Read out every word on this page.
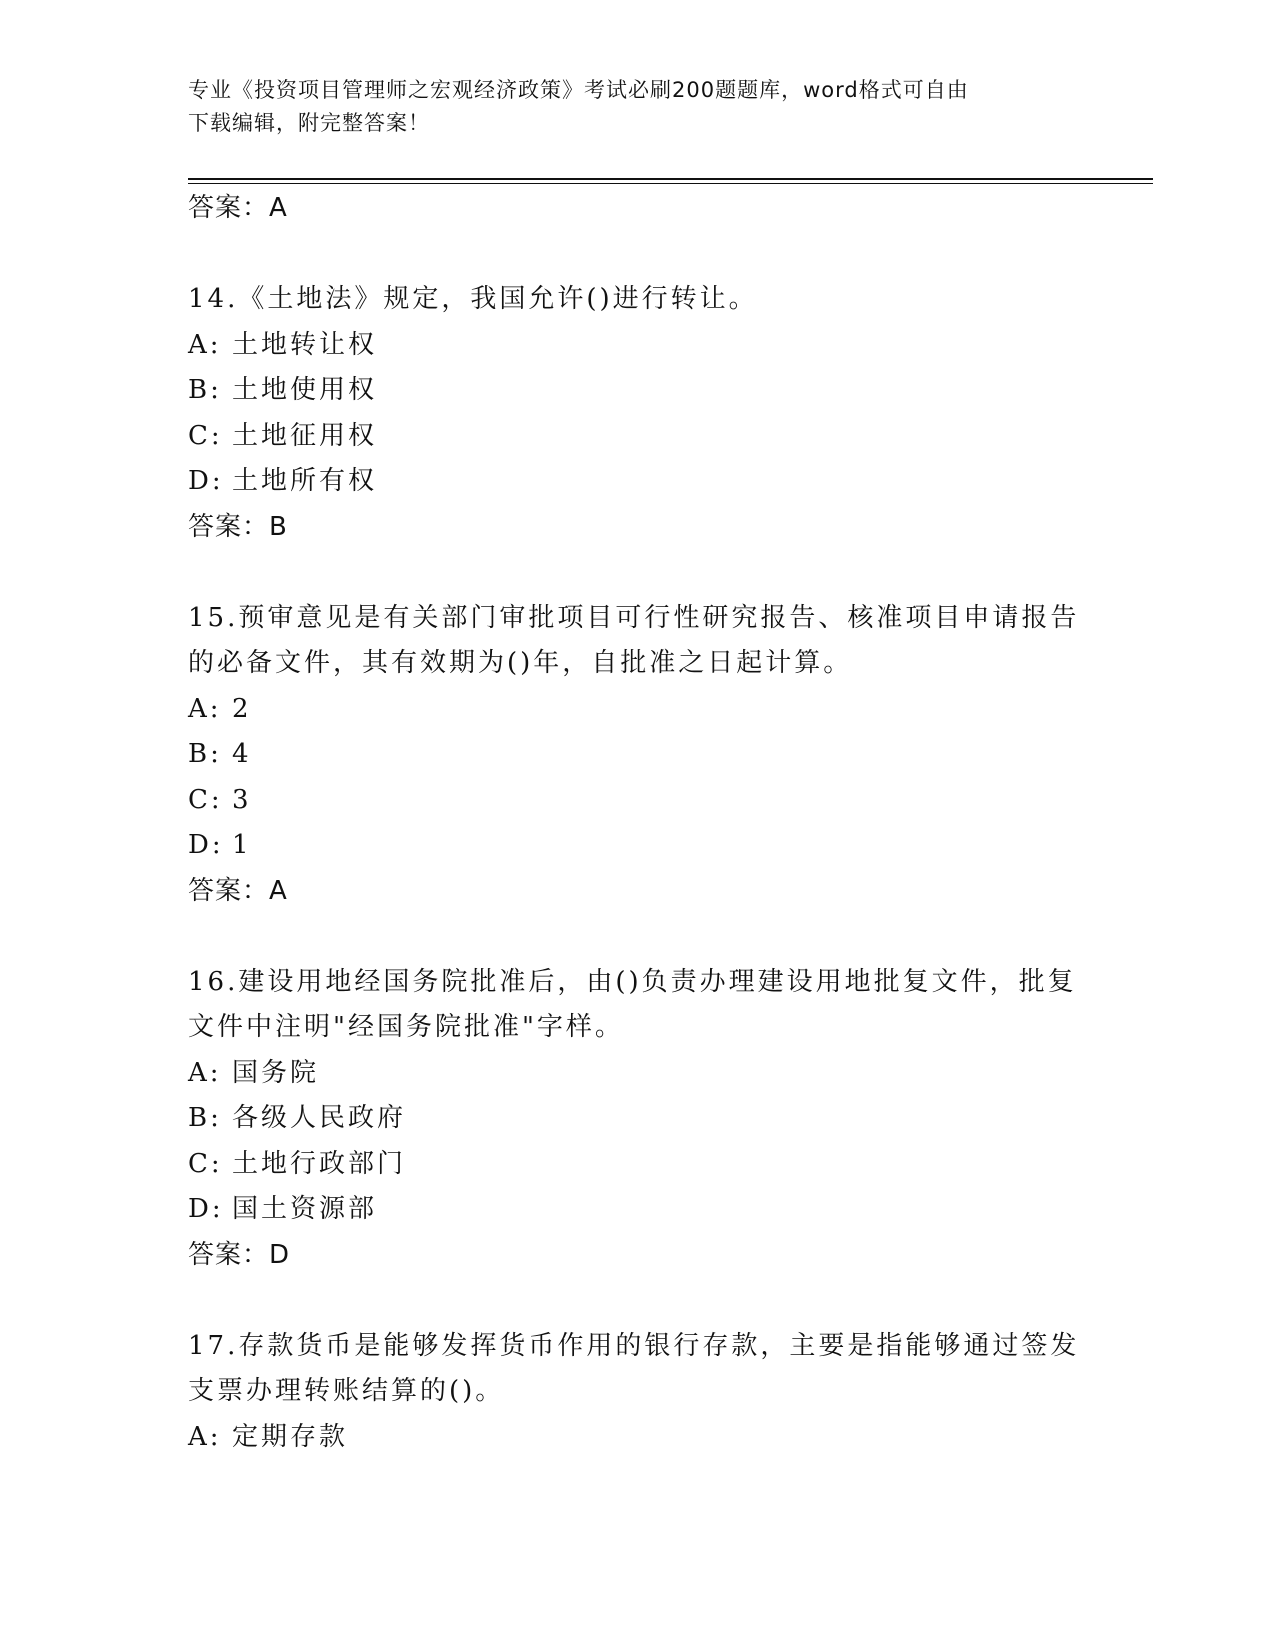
专业《投资项目管理师之宏观经济政策》考试必刷200题题库，word格式可自由
下载编辑，附完整答案！
答案：A
14.《土地法》规定，我国允许()进行转让。
A: 土地转让权
B: 土地使用权
C: 土地征用权
D: 土地所有权
答案：B
15.预审意见是有关部门审批项目可行性研究报告、核准项目申请报告
的必备文件，其有效期为()年，自批准之日起计算。
A: 2
B: 4
C: 3
D: 1
答案：A
16.建设用地经国务院批准后，由()负责办理建设用地批复文件，批复
文件中注明"经国务院批准"字样。
A: 国务院
B: 各级人民政府
C: 土地行政部门
D: 国土资源部
答案：D
17.存款货币是能够发挥货币作用的银行存款，主要是指能够通过签发
支票办理转账结算的()。
A: 定期存款
